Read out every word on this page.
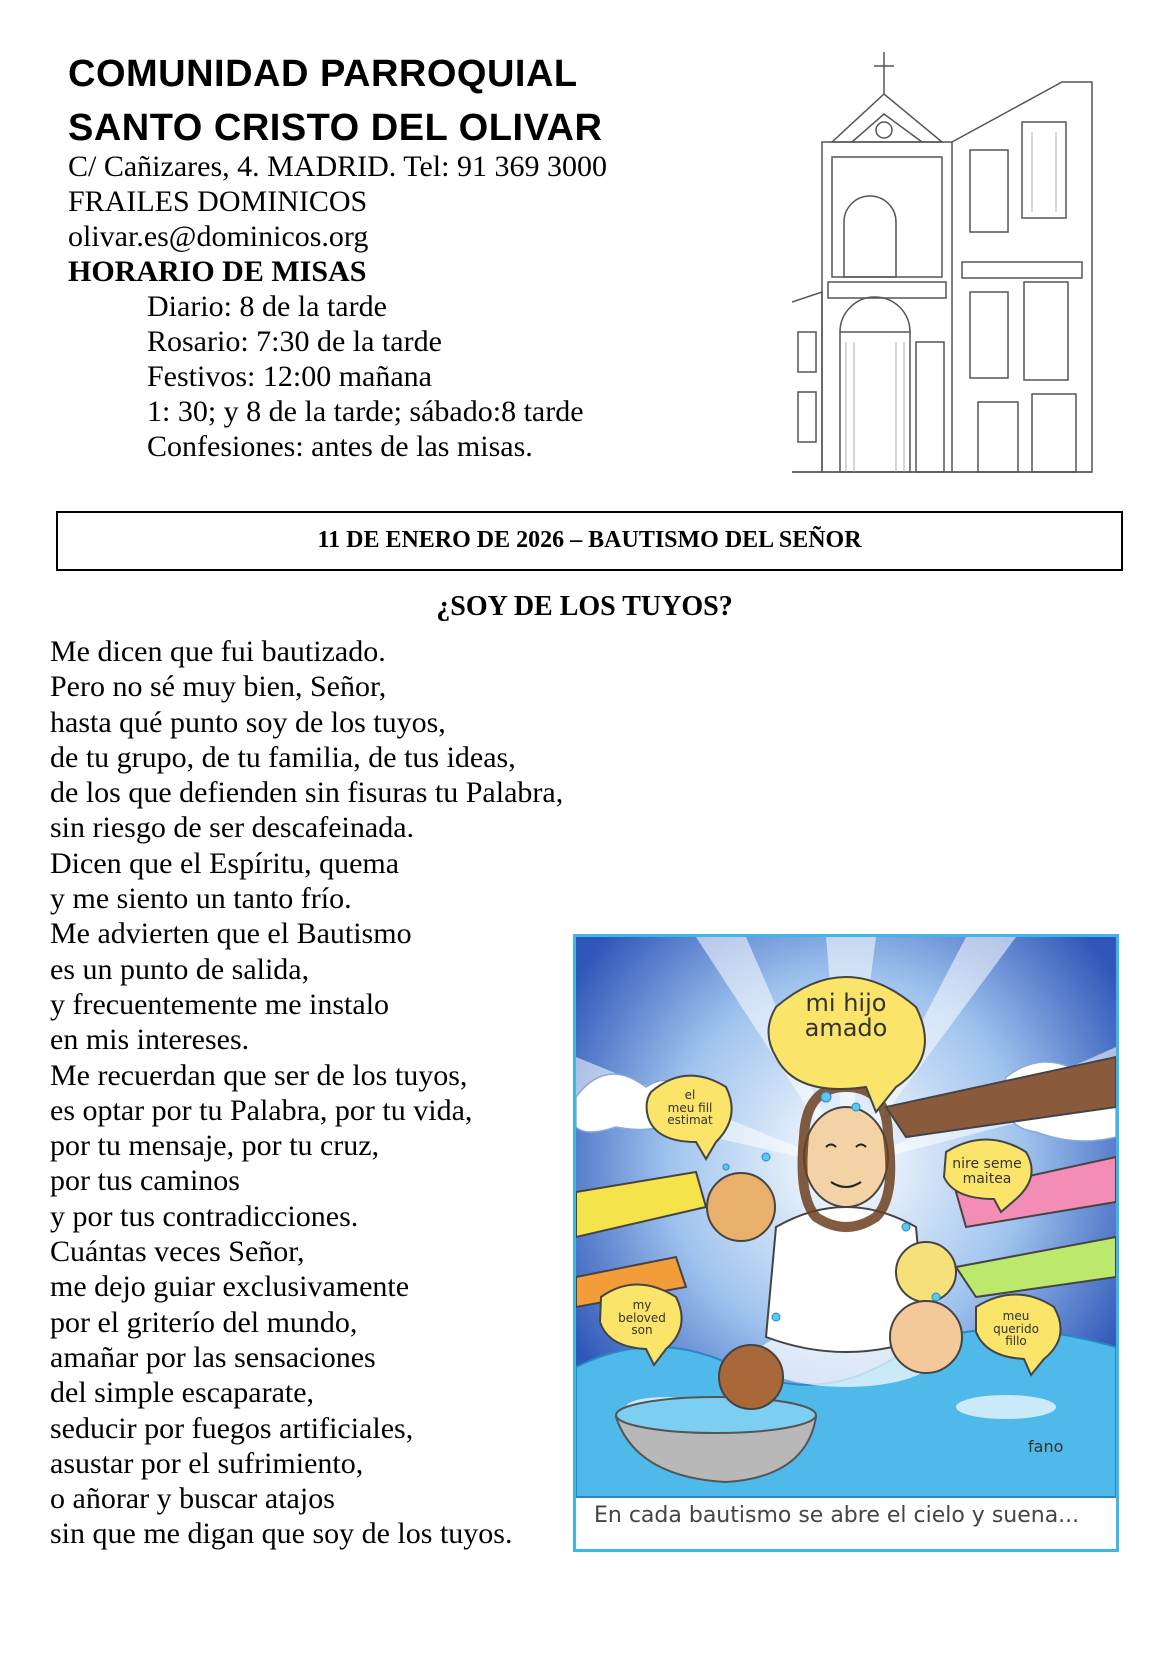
COMUNIDAD PARROQUIAL
SANTO CRISTO DEL OLIVAR
C/ Cañizares, 4. MADRID. Tel: 91 369 3000
FRAILES DOMINICOS
olivar.es@dominicos.org
HORARIO DE MISAS
Diario: 8 de la tarde
Rosario: 7:30 de la tarde
Festivos: 12:00 mañana
1: 30; y 8 de la tarde; sábado:8 tarde
Confesiones: antes de las misas.
11 DE ENERO DE 2026 – BAUTISMO DEL SEÑOR
¿SOY DE LOS TUYOS?
Me dicen que fui bautizado.
Pero no sé muy bien, Señor,
hasta qué punto soy de los tuyos,
de tu grupo, de tu familia, de tus ideas,
de los que defienden sin fisuras tu Palabra,
sin riesgo de ser descafeinada.
Dicen que el Espíritu, quema
y me siento un tanto frío.
Me advierten que el Bautismo
es un punto de salida,
y frecuentemente me instalo
en mis intereses.
Me recuerdan que ser de los tuyos,
es optar por tu Palabra, por tu vida,
por tu mensaje, por tu cruz,
por tus caminos
y por tus contradicciones.
Cuántas veces Señor,
me dejo guiar exclusivamente
por el griterío del mundo,
amañar por las sensaciones
del simple escaparate,
seducir por fuegos artificiales,
asustar por el sufrimiento,
o añorar y buscar atajos
sin que me digan que soy de los tuyos.
mi hijo
amado
el
meu fill
estimat
nire seme
maitea
my
beloved
son
meu
querido
fillo
fano
En cada bautismo se abre el cielo y suena...
